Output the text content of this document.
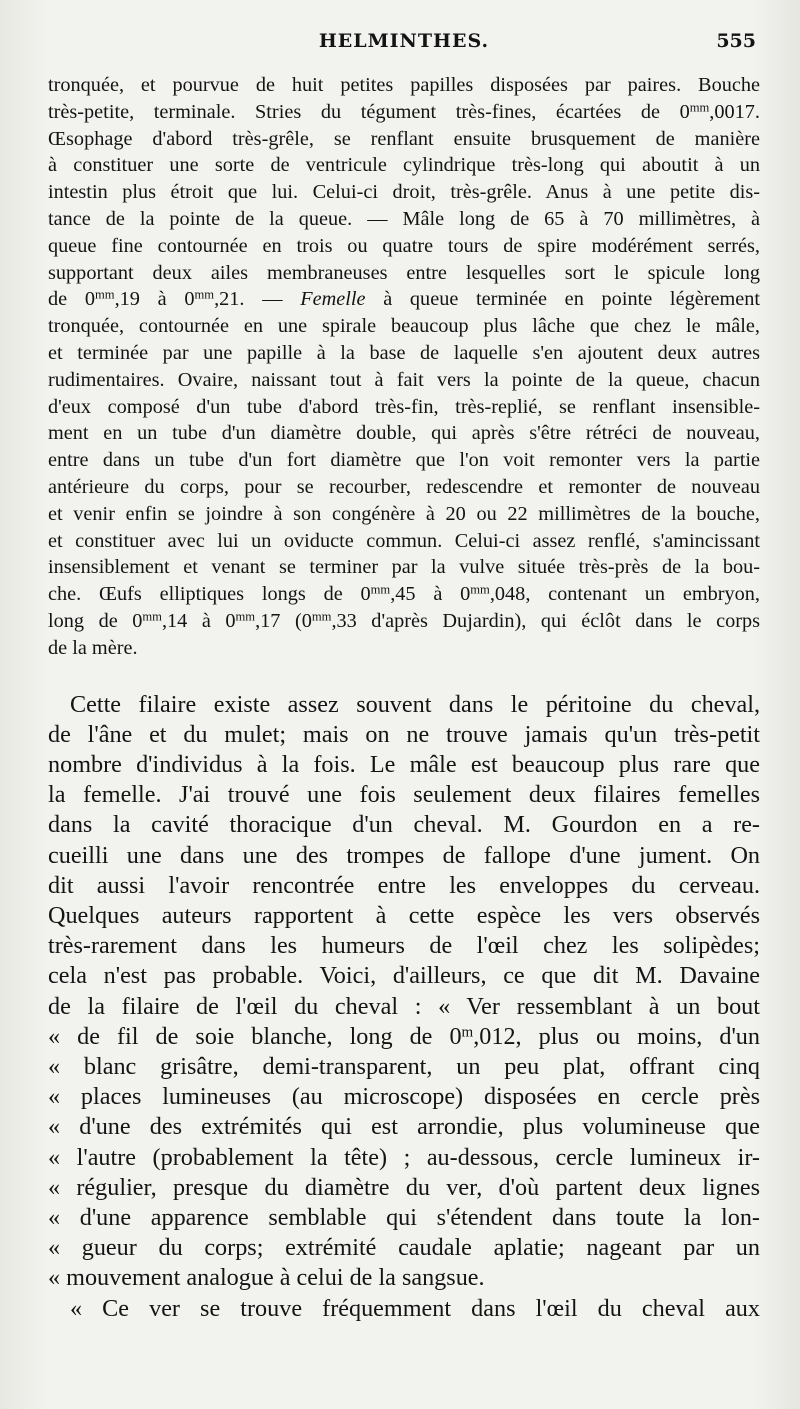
HELMINTHES.	555
tronquée, et pourvue de huit petites papilles disposées par paires. Bouche
très-petite, terminale. Stries du tégument très-fines, écartées de $0^{mm},0017$.
Œsophage d'abord très-grêle, se renflant ensuite brusquement de manière
à constituer une sorte de ventricule cylindrique très-long qui aboutit à un
intestin plus étroit que lui. Celui-ci droit, très-grêle. Anus à une petite dis-
tance de la pointe de la queue. — Mâle long de 65 à 70 millimètres, à
queue fine contournée en trois ou quatre tours de spire modérément serrés,
supportant deux ailes membraneuses entre lesquelles sort le spicule long
de $0^{mm},19$ à $0^{mm},21$. — Femelle à queue terminée en pointe légèrement
tronquée, contournée en une spirale beaucoup plus lâche que chez le mâle,
et terminée par une papille à la base de laquelle s'en ajoutent deux autres
rudimentaires. Ovaire, naissant tout à fait vers la pointe de la queue, chacun
d'eux composé d'un tube d'abord très-fin, très-replié, se renflant insensible-
ment en un tube d'un diamètre double, qui après s'être rétréci de nouveau,
entre dans un tube d'un fort diamètre que l'on voit remonter vers la partie
antérieure du corps, pour se recourber, redescendre et remonter de nouveau
et venir enfin se joindre à son congénère à 20 ou 22 millimètres de la bouche,
et constituer avec lui un oviducte commun. Celui-ci assez renflé, s'amincissant
insensiblement et venant se terminer par la vulve située très-près de la bou-
che. Œufs elliptiques longs de $0^{mm},45$ à $0^{mm},048$, contenant un embryon,
long de $0^{mm},14$ à $0^{mm},17$ ($0^{mm},33$ d'après Dujardin), qui éclôt dans le corps
de la mère.
Cette filaire existe assez souvent dans le péritoine du cheval,
de l'âne et du mulet; mais on ne trouve jamais qu'un très-petit
nombre d'individus à la fois. Le mâle est beaucoup plus rare que
la femelle. J'ai trouvé une fois seulement deux filaires femelles
dans la cavité thoracique d'un cheval. M. Gourdon en a re-
cueilli une dans une des trompes de fallope d'une jument. On
dit aussi l'avoir rencontrée entre les enveloppes du cerveau.
Quelques auteurs rapportent à cette espèce les vers observés
très-rarement dans les humeurs de l'œil chez les solipèdes;
cela n'est pas probable. Voici, d'ailleurs, ce que dit M. Davaine
de la filaire de l'œil du cheval : « Ver ressemblant à un bout
« de fil de soie blanche, long de 0$^m$,012, plus ou moins, d'un
« blanc grisâtre, demi-transparent, un peu plat, offrant cinq
« places lumineuses (au microscope) disposées en cercle près
« d'une des extrémités qui est arrondie, plus volumineuse que
« l'autre (probablement la tête) ; au-dessous, cercle lumineux ir-
« régulier, presque du diamètre du ver, d'où partent deux lignes
« d'une apparence semblable qui s'étendent dans toute la lon-
« gueur du corps; extrémité caudale aplatie; nageant par un
« mouvement analogue à celui de la sangsue.
« Ce ver se trouve fréquemment dans l'œil du cheval aux
